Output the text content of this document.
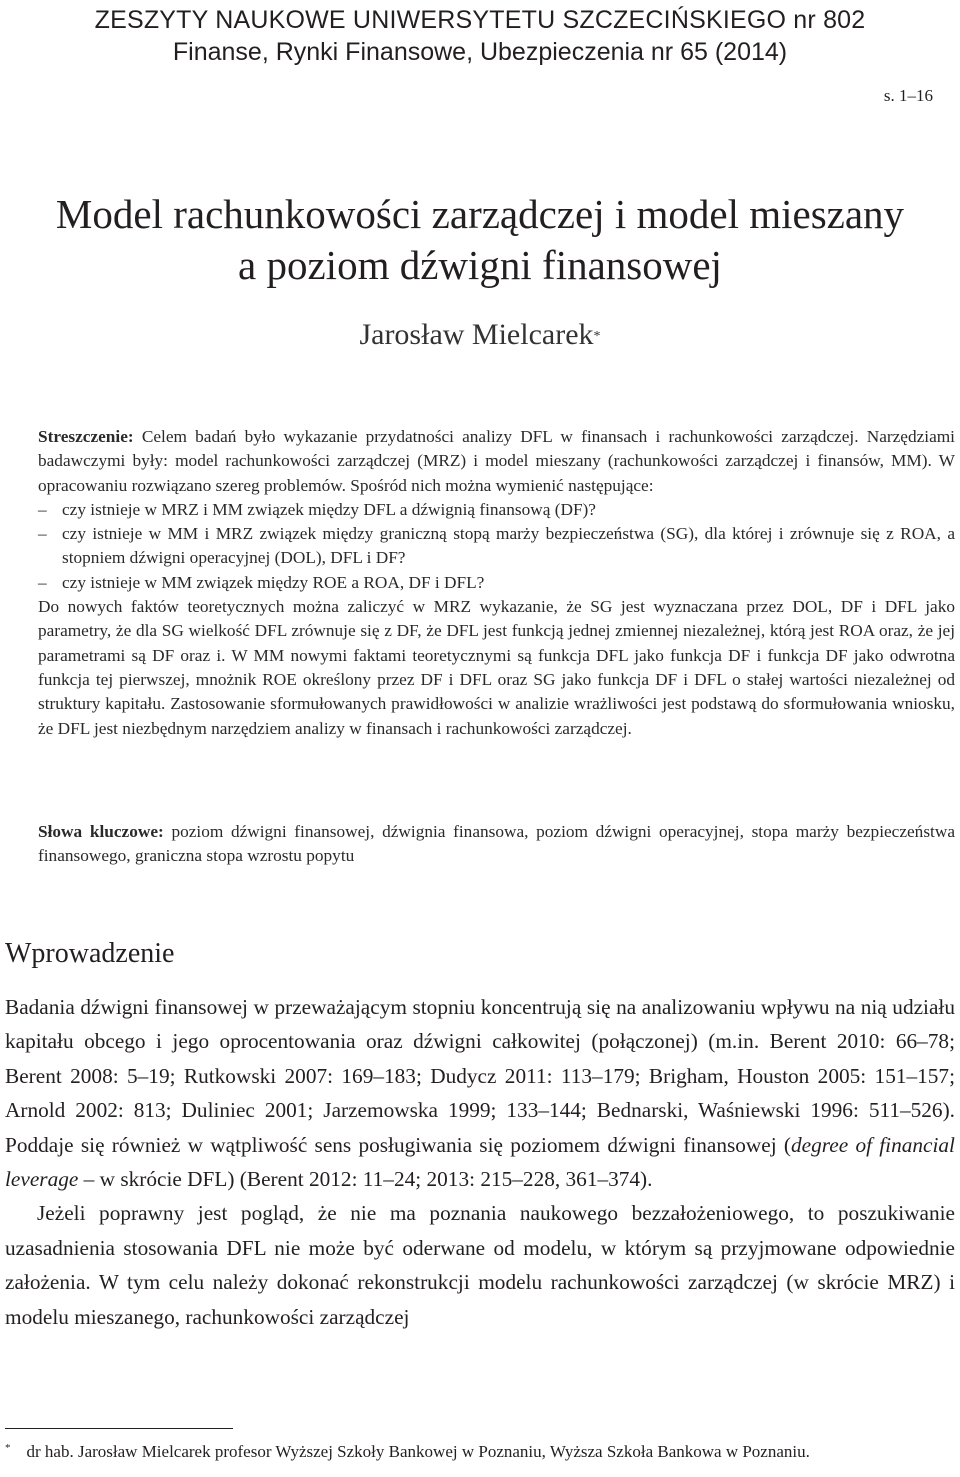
ZESZYTY NAUKOWE UNIWERSYTETU SZCZECIŃSKIEGO nr 802
Finanse, Rynki Finansowe, Ubezpieczenia nr 65 (2014)
s. 1–16
Model rachunkowości zarządczej i model mieszany
a poziom dźwigni finansowej
Jarosław Mielcarek*

Streszczenie: Celem badań było wykazanie przydatności analizy DFL w finansach i rachunkowości zarządczej. Narzędziami badawczymi były: model rachunkowości zarządczej (MRZ) i model mieszany (rachunkowości zarządczej i finansów, MM). W opracowaniu rozwiązano szereg problemów. Spośród nich można wymienić następujące:

– czy istnieje w MRZ i MM związek między DFL a dźwignią finansową (DF)?

– czy istnieje w MM i MRZ związek między graniczną stopą marży bezpieczeństwa (SG), dla której i zrównuje się z ROA, a stopniem dźwigni operacyjnej (DOL), DFL i DF?

– czy istnieje w MM związek między ROE a ROA, DF i DFL?

Do nowych faktów teoretycznych można zaliczyć w MRZ wykazanie, że SG jest wyznaczana przez DOL, DF i DFL jako parametry, że dla SG wielkość DFL zrównuje się z DF, że DFL jest funkcją jednej zmiennej niezależnej, którą jest ROA oraz, że jej parametrami są DF oraz i. W MM nowymi faktami teoretycznymi są funkcja DFL jako funkcja DF i funkcja DF jako odwrotna funkcja tej pierwszej, mnożnik ROE określony przez DF i DFL oraz SG jako funkcja DF i DFL o stałej wartości niezależnej od struktury kapitału. Zastosowanie sformułowanych prawidłowości w analizie wrażliwości jest podstawą do sformułowania wniosku, że DFL jest niezbędnym narzędziem analizy w finansach i rachunkowości zarządczej.

Słowa kluczowe: poziom dźwigni finansowej, dźwignia finansowa, poziom dźwigni operacyjnej, stopa marży bezpieczeństwa finansowego, graniczna stopa wzrostu popytu

Wprowadzenie

Badania dźwigni finansowej w przeważającym stopniu koncentrują się na analizowaniu wpływu na nią udziału kapitału obcego i jego oprocentowania oraz dźwigni całkowitej (połączonej) (m.in. Berent 2010: 66–78; Berent 2008: 5–19; Rutkowski 2007: 169–183; Dudycz 2011: 113–179; Brigham, Houston 2005: 151–157; Arnold 2002: 813; Duliniec 2001; Jarzemowska 1999; 133–144; Bednarski, Waśniewski 1996: 511–526). Poddaje się również w wątpliwość sens posługiwania się poziomem dźwigni finansowej (degree of financial leverage – w skrócie DFL) (Berent 2012: 11–24; 2013: 215–228, 361–374).

Jeżeli poprawny jest pogląd, że nie ma poznania naukowego bezzałożeniowego, to poszukiwanie uzasadnienia stosowania DFL nie może być oderwane od modelu, w którym są przyjmowane odpowiednie założenia. W tym celu należy dokonać rekonstrukcji modelu rachunkowości zarządczej (w skrócie MRZ) i modelu mieszanego, rachunkowości zarządczej

* dr hab. Jarosław Mielcarek profesor Wyższej Szkoły Bankowej w Poznaniu, Wyższa Szkoła Bankowa w Poznaniu.
